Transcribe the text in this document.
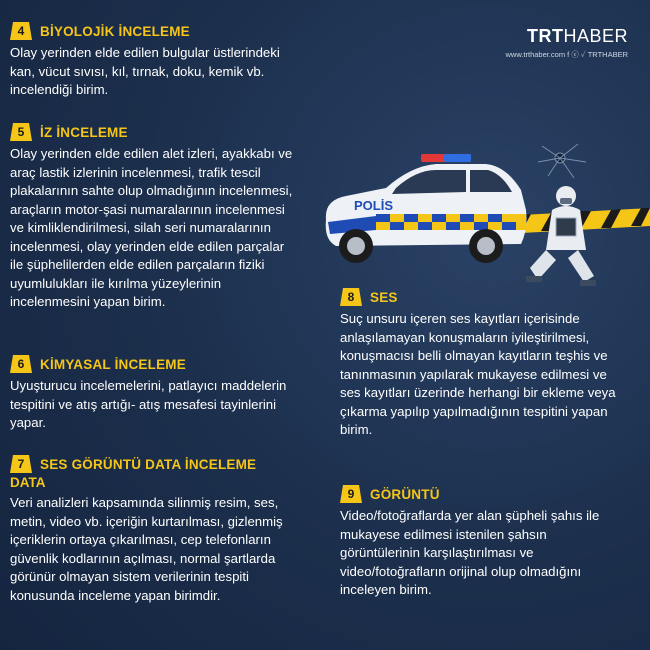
TRTHABER
www.trthaber.com f ⓔ ✓ TRTHABER
4	BİYOLOJİK İNCELEME
Olay yerinden elde edilen bulgular üstlerindeki kan, vücut sıvısı, kıl, tırnak, doku, kemik vb. incelendiği birim.
5	İZ İNCELEME
Olay yerinden elde edilen alet izleri, ayakkabı ve araç lastik izlerinin incelenmesi, trafik tescil plakalarının sahte olup olmadığının incelenmesi, araçların motor-şasi numaralarının incelenmesi ve kimliklendirilmesi, silah seri numaralarının incelenmesi, olay yerinden elde edilen parçalar ile şüphelilerden elde edilen parçaların fiziki uyumlulukları ile kırılma yüzeylerinin incelenmesini yapan birim.
6	KİMYASAL İNCELEME
Uyuşturucu incelemelerini, patlayıcı maddelerin tespitini ve atış artığı- atış mesafesi tayinlerini yapar.
7	SES GÖRÜNTÜ DATA İNCELEME
DATA
Veri analizleri kapsamında silinmiş resim, ses, metin, video vb. içeriğin kurtarılması, gizlenmiş içeriklerin ortaya çıkarılması, cep telefonların güvenlik kodlarının açılması, normal şartlarda görünür olmayan sistem verilerinin tespiti konusunda inceleme yapan birimdir.
8	SES
Suç unsuru içeren ses kayıtları içerisinde anlaşılamayan konuşmaların iyileştirilmesi, konuşmacısı belli olmayan kayıtların teşhis ve tanınmasının yapılarak mukayese edilmesi ve ses kayıtları üzerinde herhangi bir ekleme veya çıkarma yapılıp yapılmadığının tespitini yapan birim.
9	GÖRÜNTÜ
Video/fotoğraflarda yer alan şüpheli şahıs ile mukayese edilmesi istenilen şahsın görüntülerinin karşılaştırılması ve video/fotoğrafların orijinal olup olmadığını inceleyen birim.
POLİS
